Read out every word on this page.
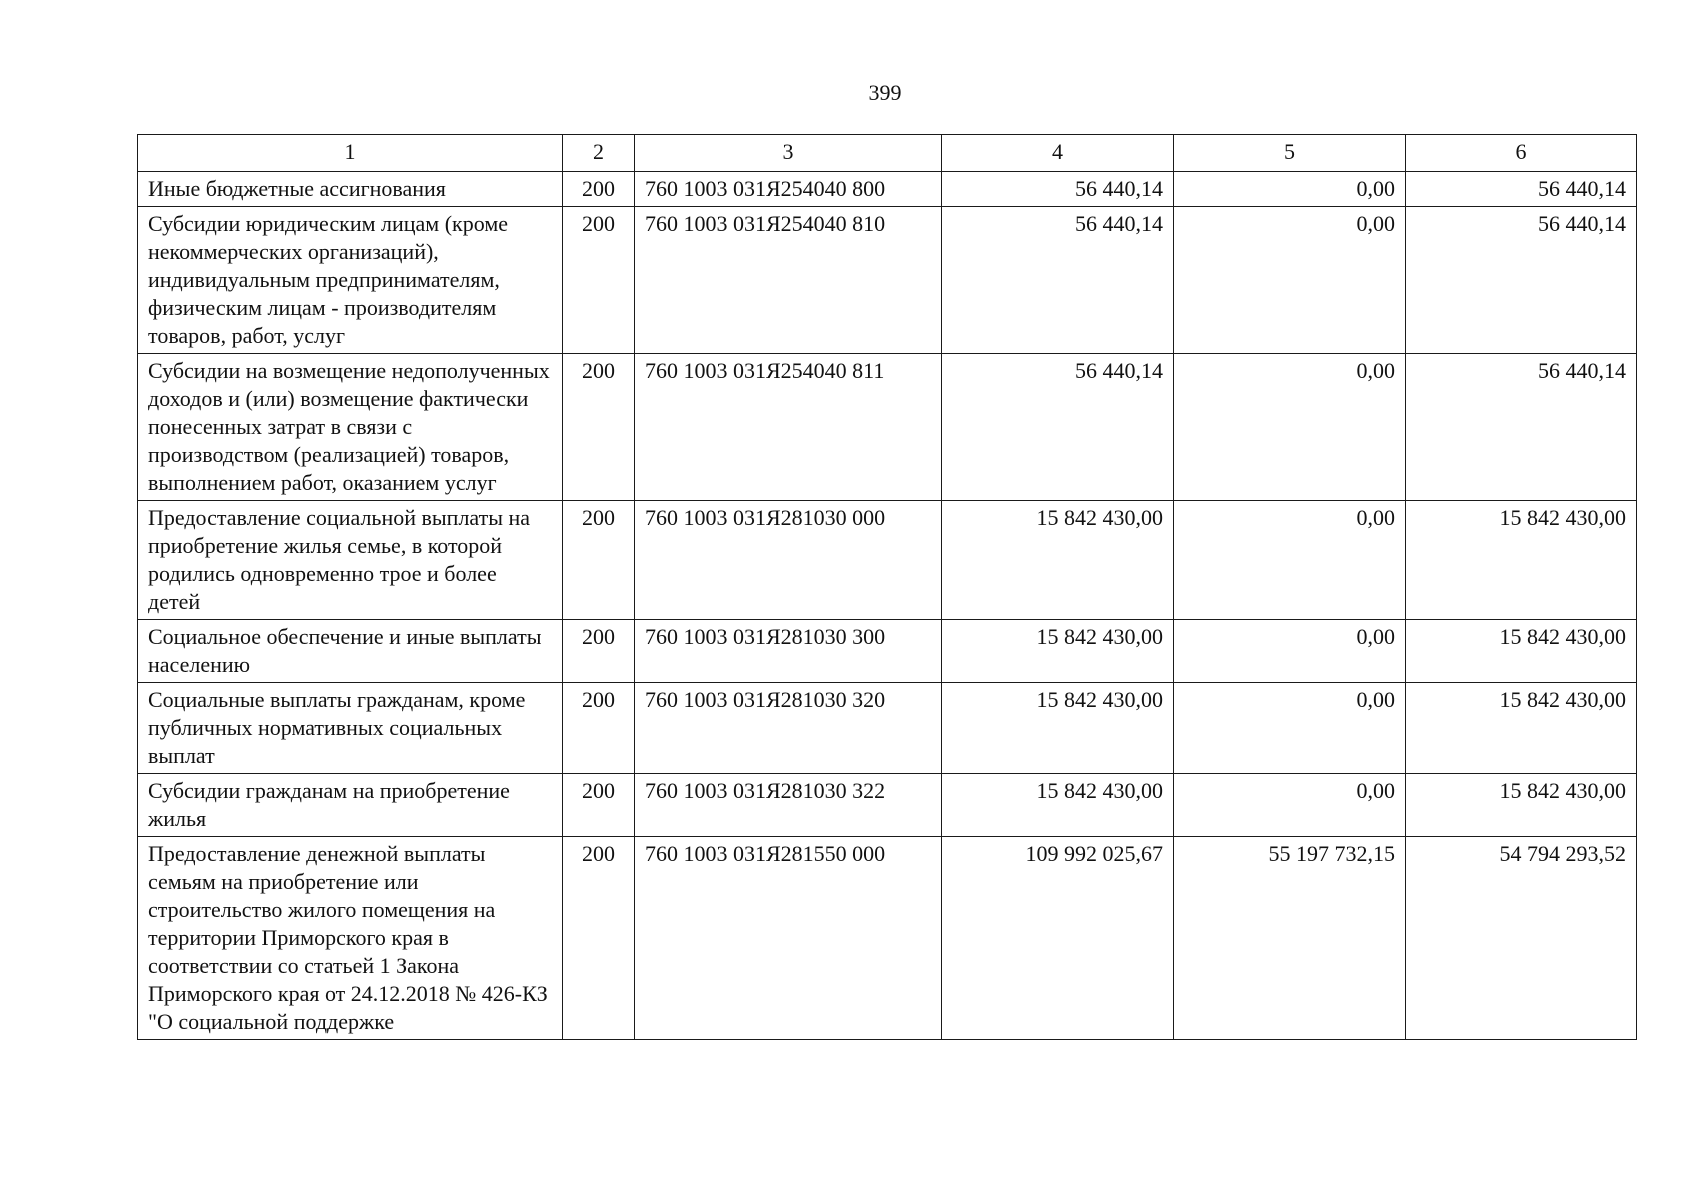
399
1	2	3	4	5	6
Иные бюджетные ассигнования	200	760 1003 031Я254040 800	56 440,14	0,00	56 440,14
Субсидии юридическим лицам (кроме некоммерческих организаций), индивидуальным предпринимателям, физическим лицам - производителям товаров, работ, услуг	200	760 1003 031Я254040 810	56 440,14	0,00	56 440,14
Субсидии на возмещение недополученных доходов и (или) возмещение фактически понесенных затрат в связи с производством (реализацией) товаров, выполнением работ, оказанием услуг	200	760 1003 031Я254040 811	56 440,14	0,00	56 440,14
Предоставление социальной выплаты на приобретение жилья семье, в которой родились одновременно трое и более детей	200	760 1003 031Я281030 000	15 842 430,00	0,00	15 842 430,00
Социальное обеспечение и иные выплаты населению	200	760 1003 031Я281030 300	15 842 430,00	0,00	15 842 430,00
Социальные выплаты гражданам, кроме публичных нормативных социальных выплат	200	760 1003 031Я281030 320	15 842 430,00	0,00	15 842 430,00
Субсидии гражданам на приобретение жилья	200	760 1003 031Я281030 322	15 842 430,00	0,00	15 842 430,00
Предоставление денежной выплаты семьям на приобретение или строительство жилого помещения на территории Приморского края в соответствии со статьей 1 Закона Приморского края от 24.12.2018 № 426-КЗ "О социальной поддержке	200	760 1003 031Я281550 000	109 992 025,67	55 197 732,15	54 794 293,52
